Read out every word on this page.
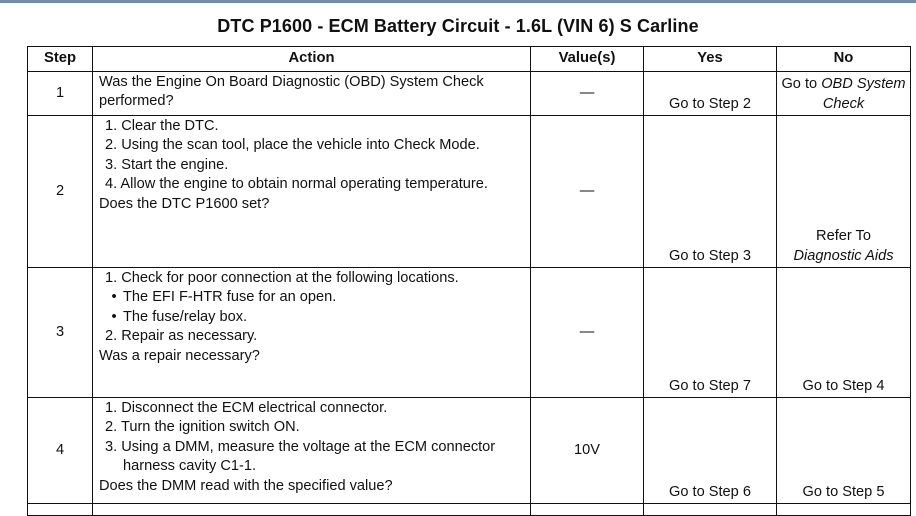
DTC P1600 - ECM Battery Circuit - 1.6L (VIN 6) S Carline
Step	Action	Value(s)	Yes	No
1	Was the Engine On Board Diagnostic (OBD) System Check performed?	—	Go to Step 2	Go to OBD System Check
2	1. Clear the DTC.
2. Using the scan tool, place the vehicle into Check Mode.
3. Start the engine.
4. Allow the engine to obtain normal operating temperature.
Does the DTC P1600 set?	—	Go to Step 3	Refer To
Diagnostic Aids

3	1. Check for poor connection at the following locations.
• The EFI F-HTR fuse for an open.
• The fuse/relay box.
2. Repair as necessary.
Was a repair necessary?	—	Go to Step 7	Go to Step 4
4	1. Disconnect the ECM electrical connector.
2. Turn the ignition switch ON.
3. Using a DMM, measure the voltage at the ECM connector harness cavity C1-1.
Does the DMM read with the specified value?	10V	Go to Step 6	Go to Step 5
